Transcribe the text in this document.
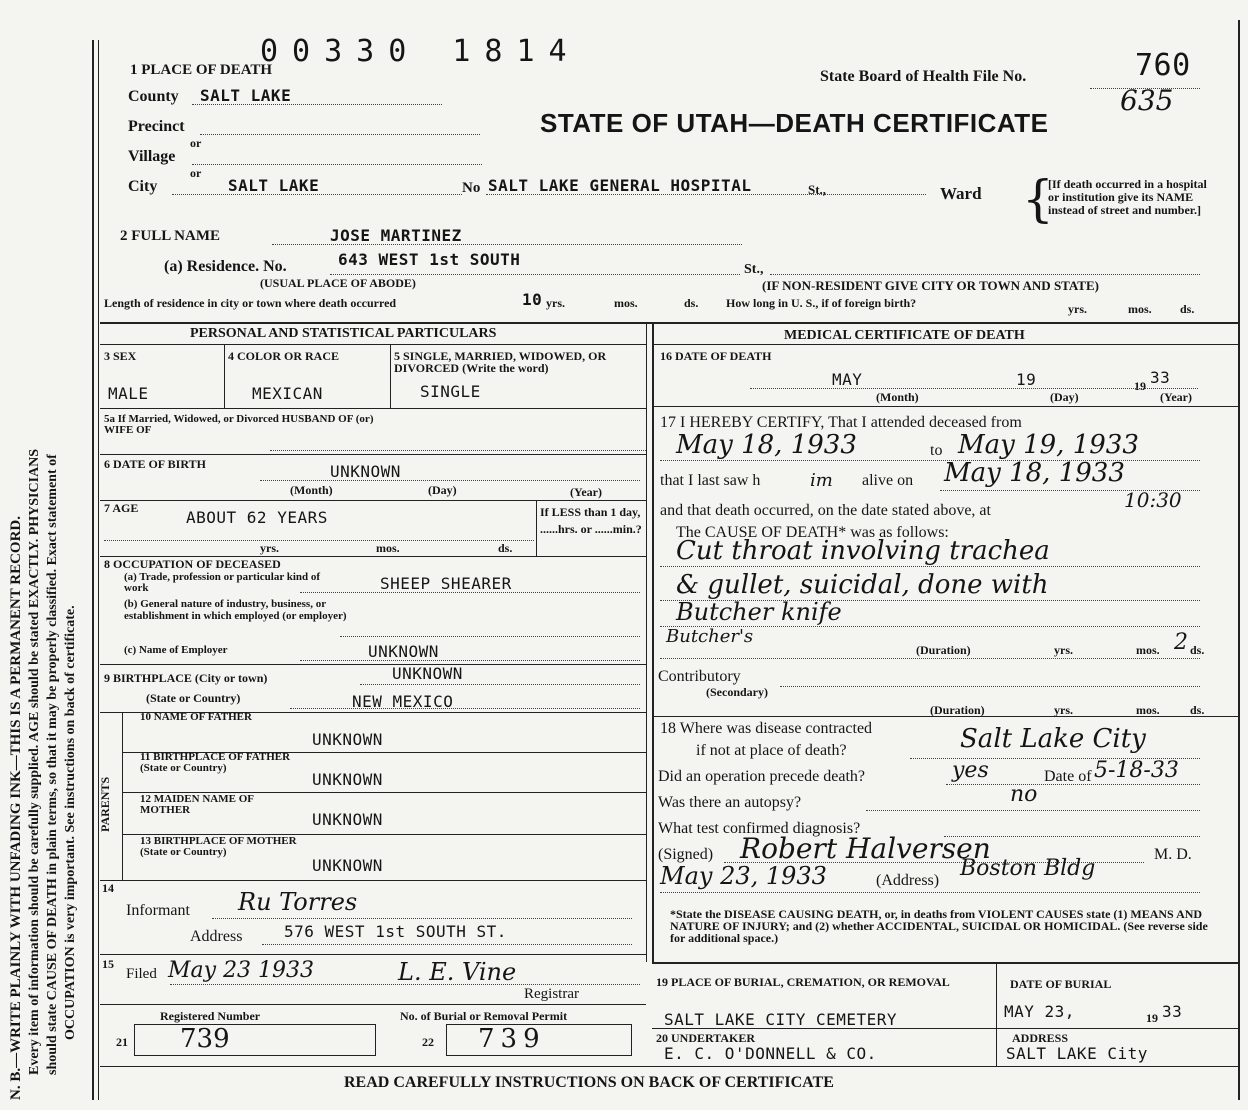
N. B.—WRITE PLAINLY WITH UNFADING INK—THIS IS A PERMANENT RECORD. Every item of information should be carefully supplied. AGE should be stated EXACTLY. PHYSICIANS should state CAUSE OF DEATH in plain terms, so that it may be properly classified. Exact statement of OCCUPATION is very important. See instructions on back of certificate.
00330 1814
1 PLACE OF DEATH	State Board of Health File No.	760
635
County SALT LAKE
STATE OF UTAH—DEATH CERTIFICATE
Precinct
or
Village
or
City	SALT LAKE	No SALT LAKE GENERAL HOSPITAL	St.,	Ward {
[If death occurred in a hospital or institution give its NAME instead of street and number.]
2 FULL NAME	JOSE MARTINEZ
(a) Residence. No.	643 WEST 1st SOUTH
St.,
(USUAL PLACE OF ABODE)	(IF NON-RESIDENT GIVE CITY OR TOWN AND STATE)
Length of residence in city or town where death occurred	10 yrs.	mos.	ds. How long in U. S., if of foreign birth?	yrs.	mos. ds.
PERSONAL AND STATISTICAL PARTICULARS
3 SEX
MALE
4 COLOR OR RACE
MEXICAN
5 SINGLE, MARRIED, WIDOWED, OR DIVORCED (Write the word)
SINGLE
5a If Married, Widowed, or Divorced HUSBAND OF (or) WIFE OF
6 DATE OF BIRTH	UNKNOWN
(Month)	(Day)	(Year)
7 AGE	ABOUT 62 YEARS	If LESS than 1 day, ......hrs. or ......min.?
yrs.	mos.	ds.
8 OCCUPATION OF DECEASED
(a) Trade, profession or particular kind of work	SHEEP SHEARER
(b) General nature of industry, business, or establishment in which employed (or employer)
(c) Name of Employer	UNKNOWN
9 BIRTHPLACE (City or town)	UNKNOWN
(State or Country)	NEW MEXICO
PARENTS
10 NAME OF FATHER
UNKNOWN
11 BIRTHPLACE OF FATHER (State or Country)
UNKNOWN
12 MAIDEN NAME OF MOTHER	UNKNOWN
13 BIRTHPLACE OF MOTHER (State or Country)
UNKNOWN
14
Informant Ru Torres
Address	576 WEST 1st SOUTH ST.
15
Filed May 23 1933	L. E. Vine
Registrar
Registered Number	No. of Burial or Removal Permit
21 739	22 739
MEDICAL CERTIFICATE OF DEATH
16 DATE OF DEATH
MAY	19	19 33
(Month)	(Day)	(Year)
17 I HEREBY CERTIFY, That I attended deceased from
May 18, 1933	to May 19, 1933
that I last saw h	im alive on May 18, 1933
and that death occurred, on the date stated above, at	10:30
The CAUSE OF DEATH* was as follows:
Cut throat involving trachea
& gullet, suicidal, done with
Butcher knife
Butcher's
(Duration)	yrs.	mos. 2 ds.
Contributory
(Secondary)
(Duration)	yrs.	mos.	ds.
18 Where was disease contracted
if not at place of death?	Salt Lake City
Did an operation precede death?	yes	Date of 5-18-33
Was there an autopsy?	no
What test confirmed diagnosis?
(Signed) Robert Halversen	M. D.
May 23, 1933	(Address) Boston Bldg
*State the DISEASE CAUSING DEATH, or, in deaths from VIOLENT CAUSES state (1) MEANS AND NATURE OF INJURY; and (2) whether ACCIDENTAL, SUICIDAL OR HOMICIDAL. (See reverse side for additional space.)
19 PLACE OF BURIAL, CREMATION, OR REMOVAL
SALT LAKE CITY CEMETERY
DATE OF BURIAL
MAY 23,	19 33
20 UNDERTAKER
E. C. O'DONNELL & CO.
ADDRESS
SALT LAKE City
READ CAREFULLY INSTRUCTIONS ON BACK OF CERTIFICATE
